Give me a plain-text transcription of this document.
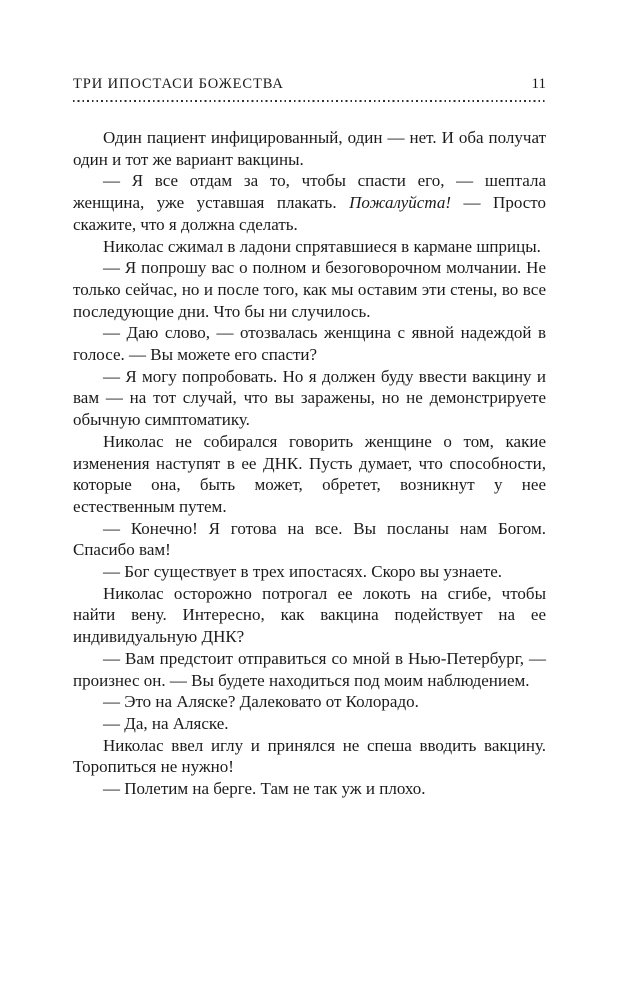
ТРИ ИПОСТАСИ БОЖЕСТВА	11

Один пациент инфицированный, один — нет. И оба получат один и тот же вариант вакцины.

— Я все отдам за то, чтобы спасти его, — шептала женщина, уже уставшая плакать. Пожалуйста! — Просто скажите, что я должна сделать.

Николас сжимал в ладони спрятавшиеся в кармане шприцы.

— Я попрошу вас о полном и безоговорочном молчании. Не только сейчас, но и после того, как мы оставим эти стены, во все последующие дни. Что бы ни случилось.

— Даю слово, — отозвалась женщина с явной надеждой в голосе. — Вы можете его спасти?

— Я могу попробовать. Но я должен буду ввести вакцину и вам — на тот случай, что вы заражены, но не демонстрируете обычную симптоматику.

Николас не собирался говорить женщине о том, какие изменения наступят в ее ДНК. Пусть думает, что способности, которые она, быть может, обретет, возникнут у нее естественным путем.

— Конечно! Я готова на все. Вы посланы нам Богом. Спасибо вам!

— Бог существует в трех ипостасях. Скоро вы узнаете.

Николас осторожно потрогал ее локоть на сгибе, чтобы найти вену. Интересно, как вакцина подействует на ее индивидуальную ДНК?

— Вам предстоит отправиться со мной в Нью-Петербург, — произнес он. — Вы будете находиться под моим наблюдением.

— Это на Аляске? Далековато от Колорадо.

— Да, на Аляске.

Николас ввел иглу и принялся не спеша вводить вакцину. Торопиться не нужно!

— Полетим на берге. Там не так уж и плохо.
